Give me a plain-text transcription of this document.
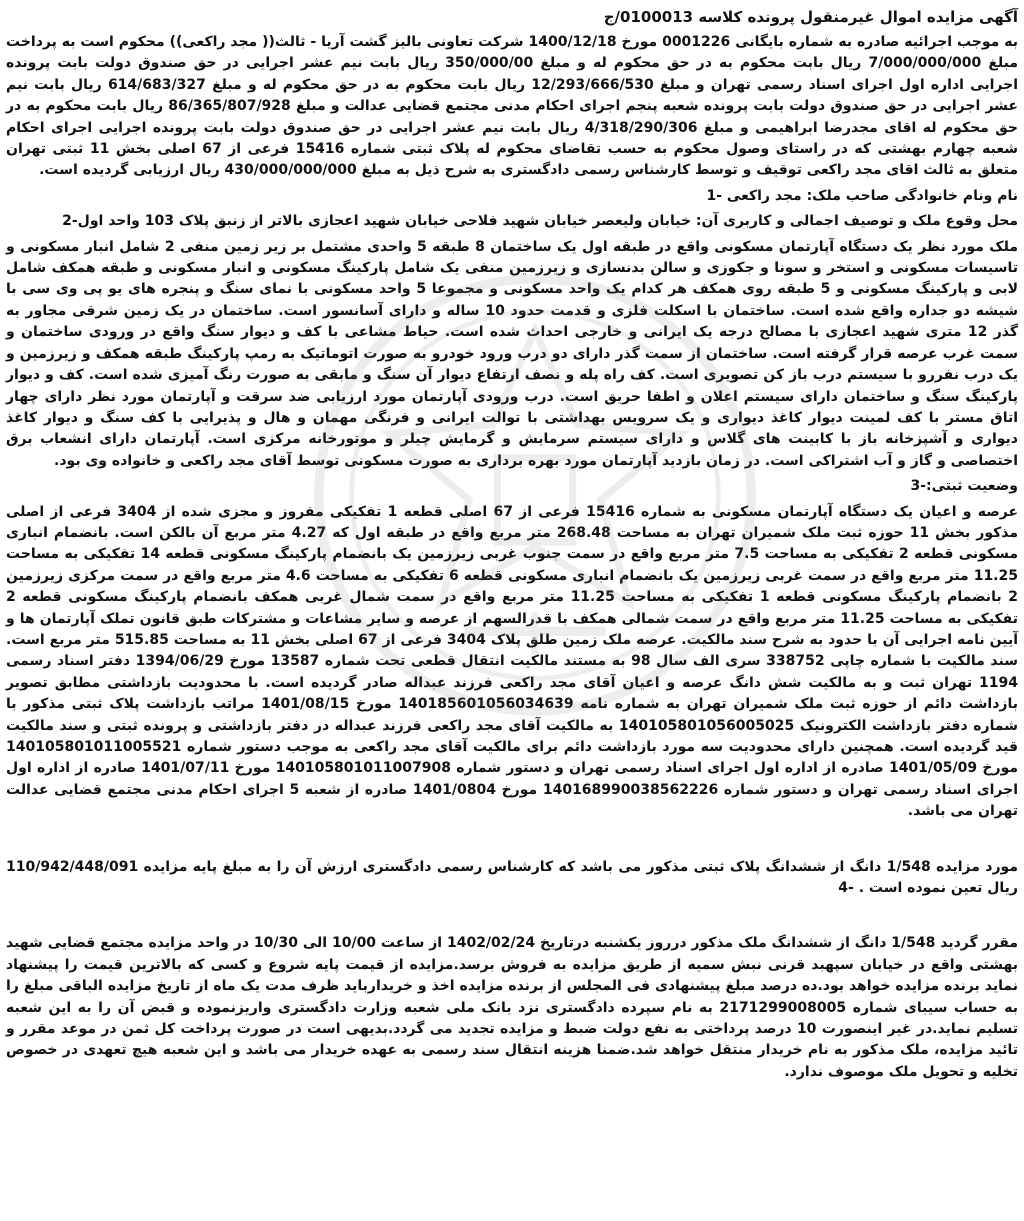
آگهی مزایده اموال غیرمنقول پرونده کلاسه 0100013/ج

به موجب اجرائیه صادره به شماره بایگانی 0001226 مورخ 1400/12/18 شرکت تعاونی بالیز گشت آریا - ثالث(( مجد راکعی)) محکوم است به پرداخت مبلغ 7/000/000/000 ریال بابت محکوم به در حق محکوم له و مبلغ 350/000/00 ریال بابت نیم عشر اجرایی در حق صندوق دولت بابت پرونده اجرایی اداره اول اجرای اسناد رسمی تهران و مبلغ 12/293/666/530 ریال بابت محکوم به در حق محکوم له و مبلغ 614/683/327 ریال بابت نیم عشر اجرایی در حق صندوق دولت بابت پرونده شعبه پنجم اجرای احکام مدنی مجتمع قضایی عدالت و مبلغ 86/365/807/928 ریال بابت محکوم به در حق محکوم له اقای مجدرضا ابراهیمی و مبلغ 4/318/290/306 ریال بابت نیم عشر اجرایی در حق صندوق دولت بابت پرونده اجرایی اجرای احکام شعبه چهارم بهشتی که در راستای وصول محکوم به حسب تقاضای محکوم له پلاک ثبتی شماره 15416 فرعی از 67 اصلی بخش 11 ثبتی تهران متعلق به ثالث اقای مجد راکعی توقیف و توسط کارشناس رسمی دادگستری به شرح ذیل به مبلغ 430/000/000/000 ریال ارزیابی گردیده است.

نام ونام خانوادگی صاحب ملک: مجد راکعی -1

محل وقوع ملک و توصیف اجمالی و کاربری آن: خیابان ولیعصر خیابان شهید فلاحی خیابان شهید اعجازی بالاتر از زنبق پلاک 103 واحد اول-2

ملک مورد نظر یک دستگاه آپارتمان مسکونی واقع در طبقه اول یک ساختمان 8 طبقه 5 واحدی مشتمل بر زیر زمین منفی 2 شامل انبار مسکونی و تاسیسات مسکونی و استخر و سونا و جکوزی و سالن بدنسازی و زیرزمین منفی یک شامل پارکینگ مسکونی و انبار مسکونی و طبقه همکف شامل لابی و پارکینگ مسکونی و 5 طبقه روی همکف هر کدام یک واحد مسکونی و مجموعا 5 واحد مسکونی با نمای سنگ و پنجره های یو پی وی سی با شیشه دو جداره واقع شده است. ساختمان با اسکلت فلزی و قدمت حدود 10 ساله و دارای آسانسور است. ساختمان در یک زمین شرقی مجاور به گذر 12 متری شهید اعجازی با مصالح درجه یک ایرانی و خارجی احداث شده است. حیاط مشاعی با کف و دیوار سنگ واقع در ورودی ساختمان و سمت غرب عرصه قرار گرفته است. ساختمان از سمت گذر دارای دو درب ورود خودرو به صورت اتوماتیک به رمپ پارکینگ طبقه همکف و زیرزمین و یک درب نفررو با سیستم درب باز کن تصویری است. کف راه پله و نصف ارتفاع دیوار آن سنگ و مابقی به صورت رنگ آمیزی شده است. کف و دیوار پارکینگ سنگ و ساختمان دارای سیستم اعلان و اطفا حریق است. درب ورودی آپارتمان مورد ارزیابی ضد سرقت و آپارتمان مورد نظر دارای چهار اتاق مستر با کف لمینت دیوار کاغذ دیواری و یک سرویس بهداشتی با توالت ایرانی و فرنگی مهمان و هال و پذیرایی با کف سنگ و دیوار کاغذ دیواری و آشپزخانه باز با کابینت های گلاس و دارای سیستم سرمایش و گرمایش چیلر و موتورخانه مرکزی است. آپارتمان دارای انشعاب برق اختصاصی و گاز و آب اشتراکی است. در زمان بازدید آپارتمان مورد بهره برداری به صورت مسکونی توسط آقای مجد راکعی و خانواده وی بود.

وضعیت ثبتی:-3

عرصه و اعیان یک دستگاه آپارتمان مسکونی به شماره 15416 فرعی از 67 اصلی قطعه 1 تفکیکی مفروز و مجزی شده از 3404 فرعی از اصلی مذکور بخش 11 حوزه ثبت ملک شمیران تهران به مساحت 268.48 متر مربع واقع در طبقه اول که 4.27 متر مربع آن بالکن است. بانضمام انباری مسکونی قطعه 2 تفکیکی به مساحت 7.5 متر مربع واقع در سمت جنوب غربی زیرزمین یک بانضمام پارکینگ مسکونی قطعه 14 تفکیکی به مساحت 11.25 متر مربع واقع در سمت غربی زیرزمین یک بانضمام انباری مسکونی قطعه 6 تفکیکی به مساحت 4.6 متر مربع واقع در سمت مرکزی زیرزمین 2 بانضمام پارکینگ مسکونی قطعه 1 تفکیکی به مساحت 11.25 متر مربع واقع در سمت شمال غربی همکف بانضمام پارکینگ مسکونی قطعه 2 تفکیکی به مساحت 11.25 متر مربع واقع در سمت شمالی همکف با قدرالسهم از عرصه و سایر مشاعات و مشترکات طبق قانون تملک آپارتمان ها و آیین نامه اجرایی آن با حدود به شرح سند مالکیت. عرصه ملک زمین طلق پلاک 3404 فرعی از 67 اصلی بخش 11 به مساحت 515.85 متر مربع است. سند مالکیت با شماره چاپی 338752 سری الف سال 98 به مستند مالکیت انتقال قطعی تحت شماره 13587 مورخ 1394/06/29 دفتر اسناد رسمی 1194 تهران ثبت و به مالکیت شش دانگ عرصه و اعیان آقای مجد راکعی فرزند عبداله صادر گردیده است. با محدودیت بازداشتی مطابق تصویر بازداشت دائم از حوزه ثبت ملک شمیران تهران به شماره نامه 140185601056034639 مورخ 1401/08/15 مراتب بازداشت پلاک ثبتی مذکور با شماره دفتر بازداشت الکترونیک 140105801056005025 به مالکیت آقای مجد راکعی فرزند عبداله در دفتر بازداشتی و پرونده ثبتی و سند مالکیت قید گردیده است. همچنین دارای محدودیت سه مورد بازداشت دائم برای مالکیت آقای مجد راکعی به موجب دستور شماره 140105801011005521 مورخ 1401/05/09 صادره از اداره اول اجرای اسناد رسمی تهران و دستور شماره 140105801011007908 مورخ 1401/07/11 صادره از اداره اول اجرای اسناد رسمی تهران و دستور شماره 140168990038562226 مورخ 1401/0804 صادره از شعبه 5 اجرای احکام مدنی مجتمع قضایی عدالت تهران می باشد.

مورد مزایده 1/548 دانگ از ششدانگ پلاک ثبتی مذکور می باشد که کارشناس رسمی دادگستری ارزش آن را به مبلغ پایه مزایده 110/942/448/091 ریال تعین نموده است . -4

مقرر گردید 1/548 دانگ از ششدانگ ملک مذکور درروز یکشنبه درتاریخ 1402/02/24 از ساعت 10/00 الی 10/30 در واحد مزایده مجتمع قضایی شهید بهشتی واقع در خیابان سپهبد قرنی نبش سمیه از طریق مزایده به فروش برسد.مزایده از قیمت پایه شروع و کسی که بالاترین قیمت را پیشنهاد نماید برنده مزایده خواهد بود.ده درصد مبلغ پیشنهادی فی المجلس از برنده مزایده اخذ و خریداربايد ظرف مدت یک ماه از تاریخ مزایده الباقی مبلغ را به حساب سیبای شماره 2171299008005 به نام سپرده دادگستری نزد بانک ملی شعبه وزارت دادگستری واریزنموده و قبض آن را به این شعبه تسلیم نماید.در غیر اینصورت 10 درصد پرداختی به نفع دولت ضبط و مزایده تجدید می گردد.بدیهی است در صورت پرداخت کل ثمن در موعد مقرر و تائید مزایده، ملک مذکور به نام خریدار منتقل خواهد شد.ضمنا هزینه انتقال سند رسمی به عهده خریدار می باشد و این شعبه هیچ تعهدی در خصوص تخلیه و تحویل ملک موصوف ندارد.
